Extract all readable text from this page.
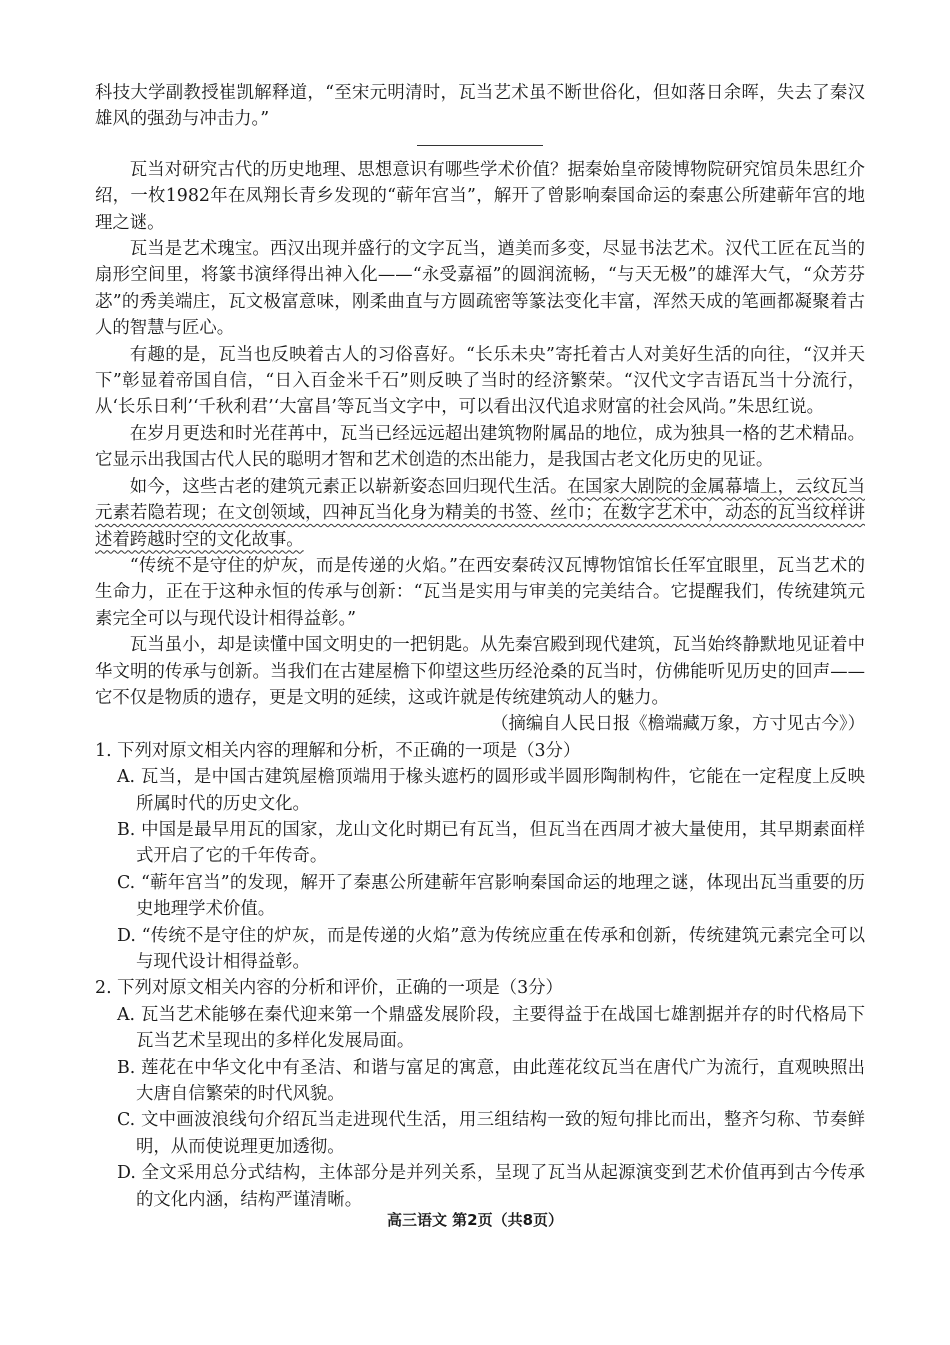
科技大学副教授崔凯解释道，“至宋元明清时，瓦当艺术虽不断世俗化，但如落日余晖，失去了秦汉雄风的强劲与冲击力。”

瓦当对研究古代的历史地理、思想意识有哪些学术价值？据秦始皇帝陵博物院研究馆员朱思红介绍，一枚1982年在凤翔长青乡发现的“蕲年宫当”，解开了曾影响秦国命运的秦惠公所建蕲年宫的地理之谜。

瓦当是艺术瑰宝。西汉出现并盛行的文字瓦当，遒美而多变，尽显书法艺术。汉代工匠在瓦当的扇形空间里，将篆书演绎得出神入化——“永受嘉福”的圆润流畅，“与天无极”的雄浑大气，“众芳芬苾”的秀美端庄，瓦文极富意味，刚柔曲直与方圆疏密等篆法变化丰富，浑然天成的笔画都凝聚着古人的智慧与匠心。

有趣的是，瓦当也反映着古人的习俗喜好。“长乐未央”寄托着古人对美好生活的向往，“汉并天下”彰显着帝国自信，“日入百金米千石”则反映了当时的经济繁荣。“汉代文字吉语瓦当十分流行，从‘长乐日利’‘千秋利君’‘大富昌’等瓦当文字中，可以看出汉代追求财富的社会风尚。”朱思红说。

在岁月更迭和时光荏苒中，瓦当已经远远超出建筑物附属品的地位，成为独具一格的艺术精品。它显示出我国古代人民的聪明才智和艺术创造的杰出能力，是我国古老文化历史的见证。

如今，这些古老的建筑元素正以崭新姿态回归现代生活。在国家大剧院的金属幕墙上，云纹瓦当元素若隐若现；在文创领域，四神瓦当化身为精美的书签、丝巾；在数字艺术中，动态的瓦当纹样讲述着跨越时空的文化故事。

“传统不是守住的炉灰，而是传递的火焰。”在西安秦砖汉瓦博物馆馆长任军宜眼里，瓦当艺术的生命力，正在于这种永恒的传承与创新：“瓦当是实用与审美的完美结合。它提醒我们，传统建筑元素完全可以与现代设计相得益彰。”

瓦当虽小，却是读懂中国文明史的一把钥匙。从先秦宫殿到现代建筑，瓦当始终静默地见证着中华文明的传承与创新。当我们在古建屋檐下仰望这些历经沧桑的瓦当时，仿佛能听见历史的回声——它不仅是物质的遗存，更是文明的延续，这或许就是传统建筑动人的魅力。

（摘编自人民日报《檐端藏万象，方寸见古今》）

1. 下列对原文相关内容的理解和分析，不正确的一项是（3分）

A. 瓦当，是中国古建筑屋檐顶端用于椽头遮朽的圆形或半圆形陶制构件，它能在一定程度上反映所属时代的历史文化。

B. 中国是最早用瓦的国家，龙山文化时期已有瓦当，但瓦当在西周才被大量使用，其早期素面样式开启了它的千年传奇。

C. “蕲年宫当”的发现，解开了秦惠公所建蕲年宫影响秦国命运的地理之谜，体现出瓦当重要的历史地理学术价值。

D. “传统不是守住的炉灰，而是传递的火焰”意为传统应重在传承和创新，传统建筑元素完全可以与现代设计相得益彰。

2. 下列对原文相关内容的分析和评价，正确的一项是（3分）

A. 瓦当艺术能够在秦代迎来第一个鼎盛发展阶段，主要得益于在战国七雄割据并存的时代格局下瓦当艺术呈现出的多样化发展局面。

B. 莲花在中华文化中有圣洁、和谐与富足的寓意，由此莲花纹瓦当在唐代广为流行，直观映照出大唐自信繁荣的时代风貌。

C. 文中画波浪线句介绍瓦当走进现代生活，用三组结构一致的短句排比而出，整齐匀称、节奏鲜明，从而使说理更加透彻。

D. 全文采用总分式结构，主体部分是并列关系，呈现了瓦当从起源演变到艺术价值再到古今传承的文化内涵，结构严谨清晰。

高三语文 第2页（共8页）
